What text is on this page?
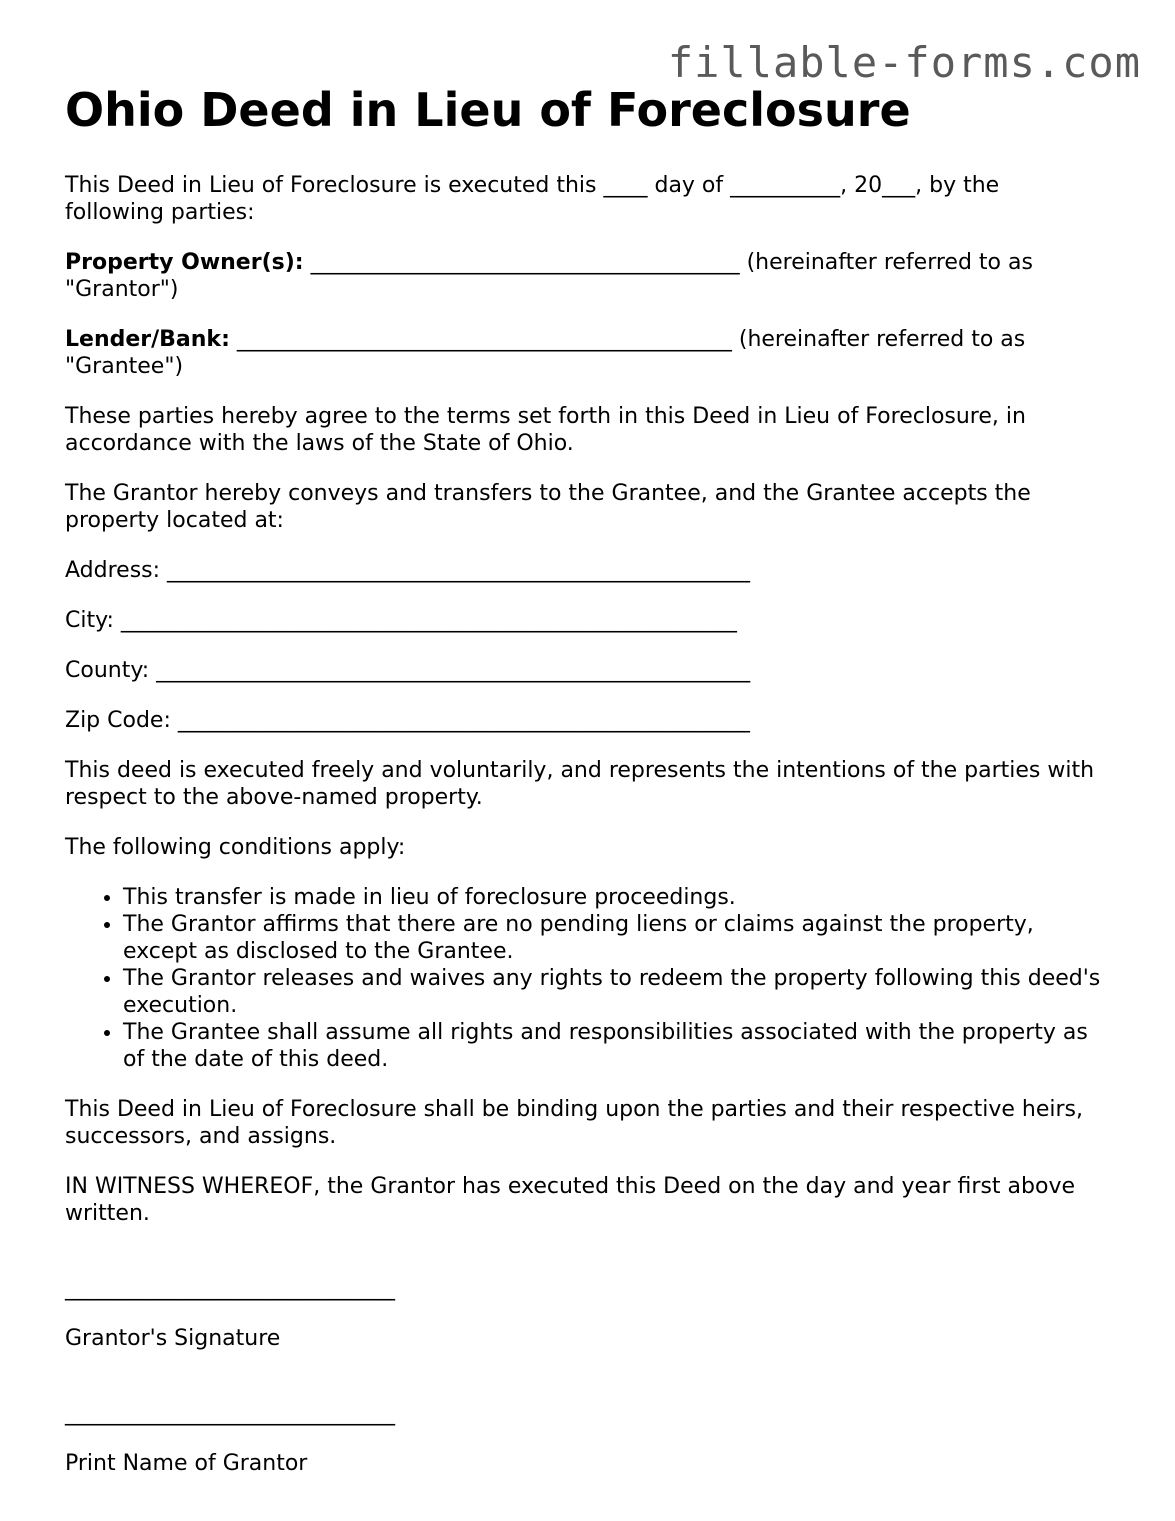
fillable-forms.com
Ohio Deed in Lieu of Foreclosure

This Deed in Lieu of Foreclosure is executed this ____ day of __________, 20___, by the following parties:

Property Owner(s): _______________________________________ (hereinafter referred to as "Grantor")

Lender/Bank: _____________________________________________ (hereinafter referred to as "Grantee")

These parties hereby agree to the terms set forth in this Deed in Lieu of Foreclosure, in accordance with the laws of the State of Ohio.

The Grantor hereby conveys and transfers to the Grantee, and the Grantee accepts the property located at:

Address: _____________________________________________________

City: ________________________________________________________

County: ______________________________________________________

Zip Code: ____________________________________________________

This deed is executed freely and voluntarily, and represents the intentions of the parties with respect to the above-named property.

The following conditions apply:

• This transfer is made in lieu of foreclosure proceedings.
• The Grantor affirms that there are no pending liens or claims against the property, except as disclosed to the Grantee.
• The Grantor releases and waives any rights to redeem the property following this deed's execution.
• The Grantee shall assume all rights and responsibilities associated with the property as of the date of this deed.

This Deed in Lieu of Foreclosure shall be binding upon the parties and their respective heirs, successors, and assigns.

IN WITNESS WHEREOF, the Grantor has executed this Deed on the day and year first above written.

______________________________

Grantor's Signature

______________________________

Print Name of Grantor
